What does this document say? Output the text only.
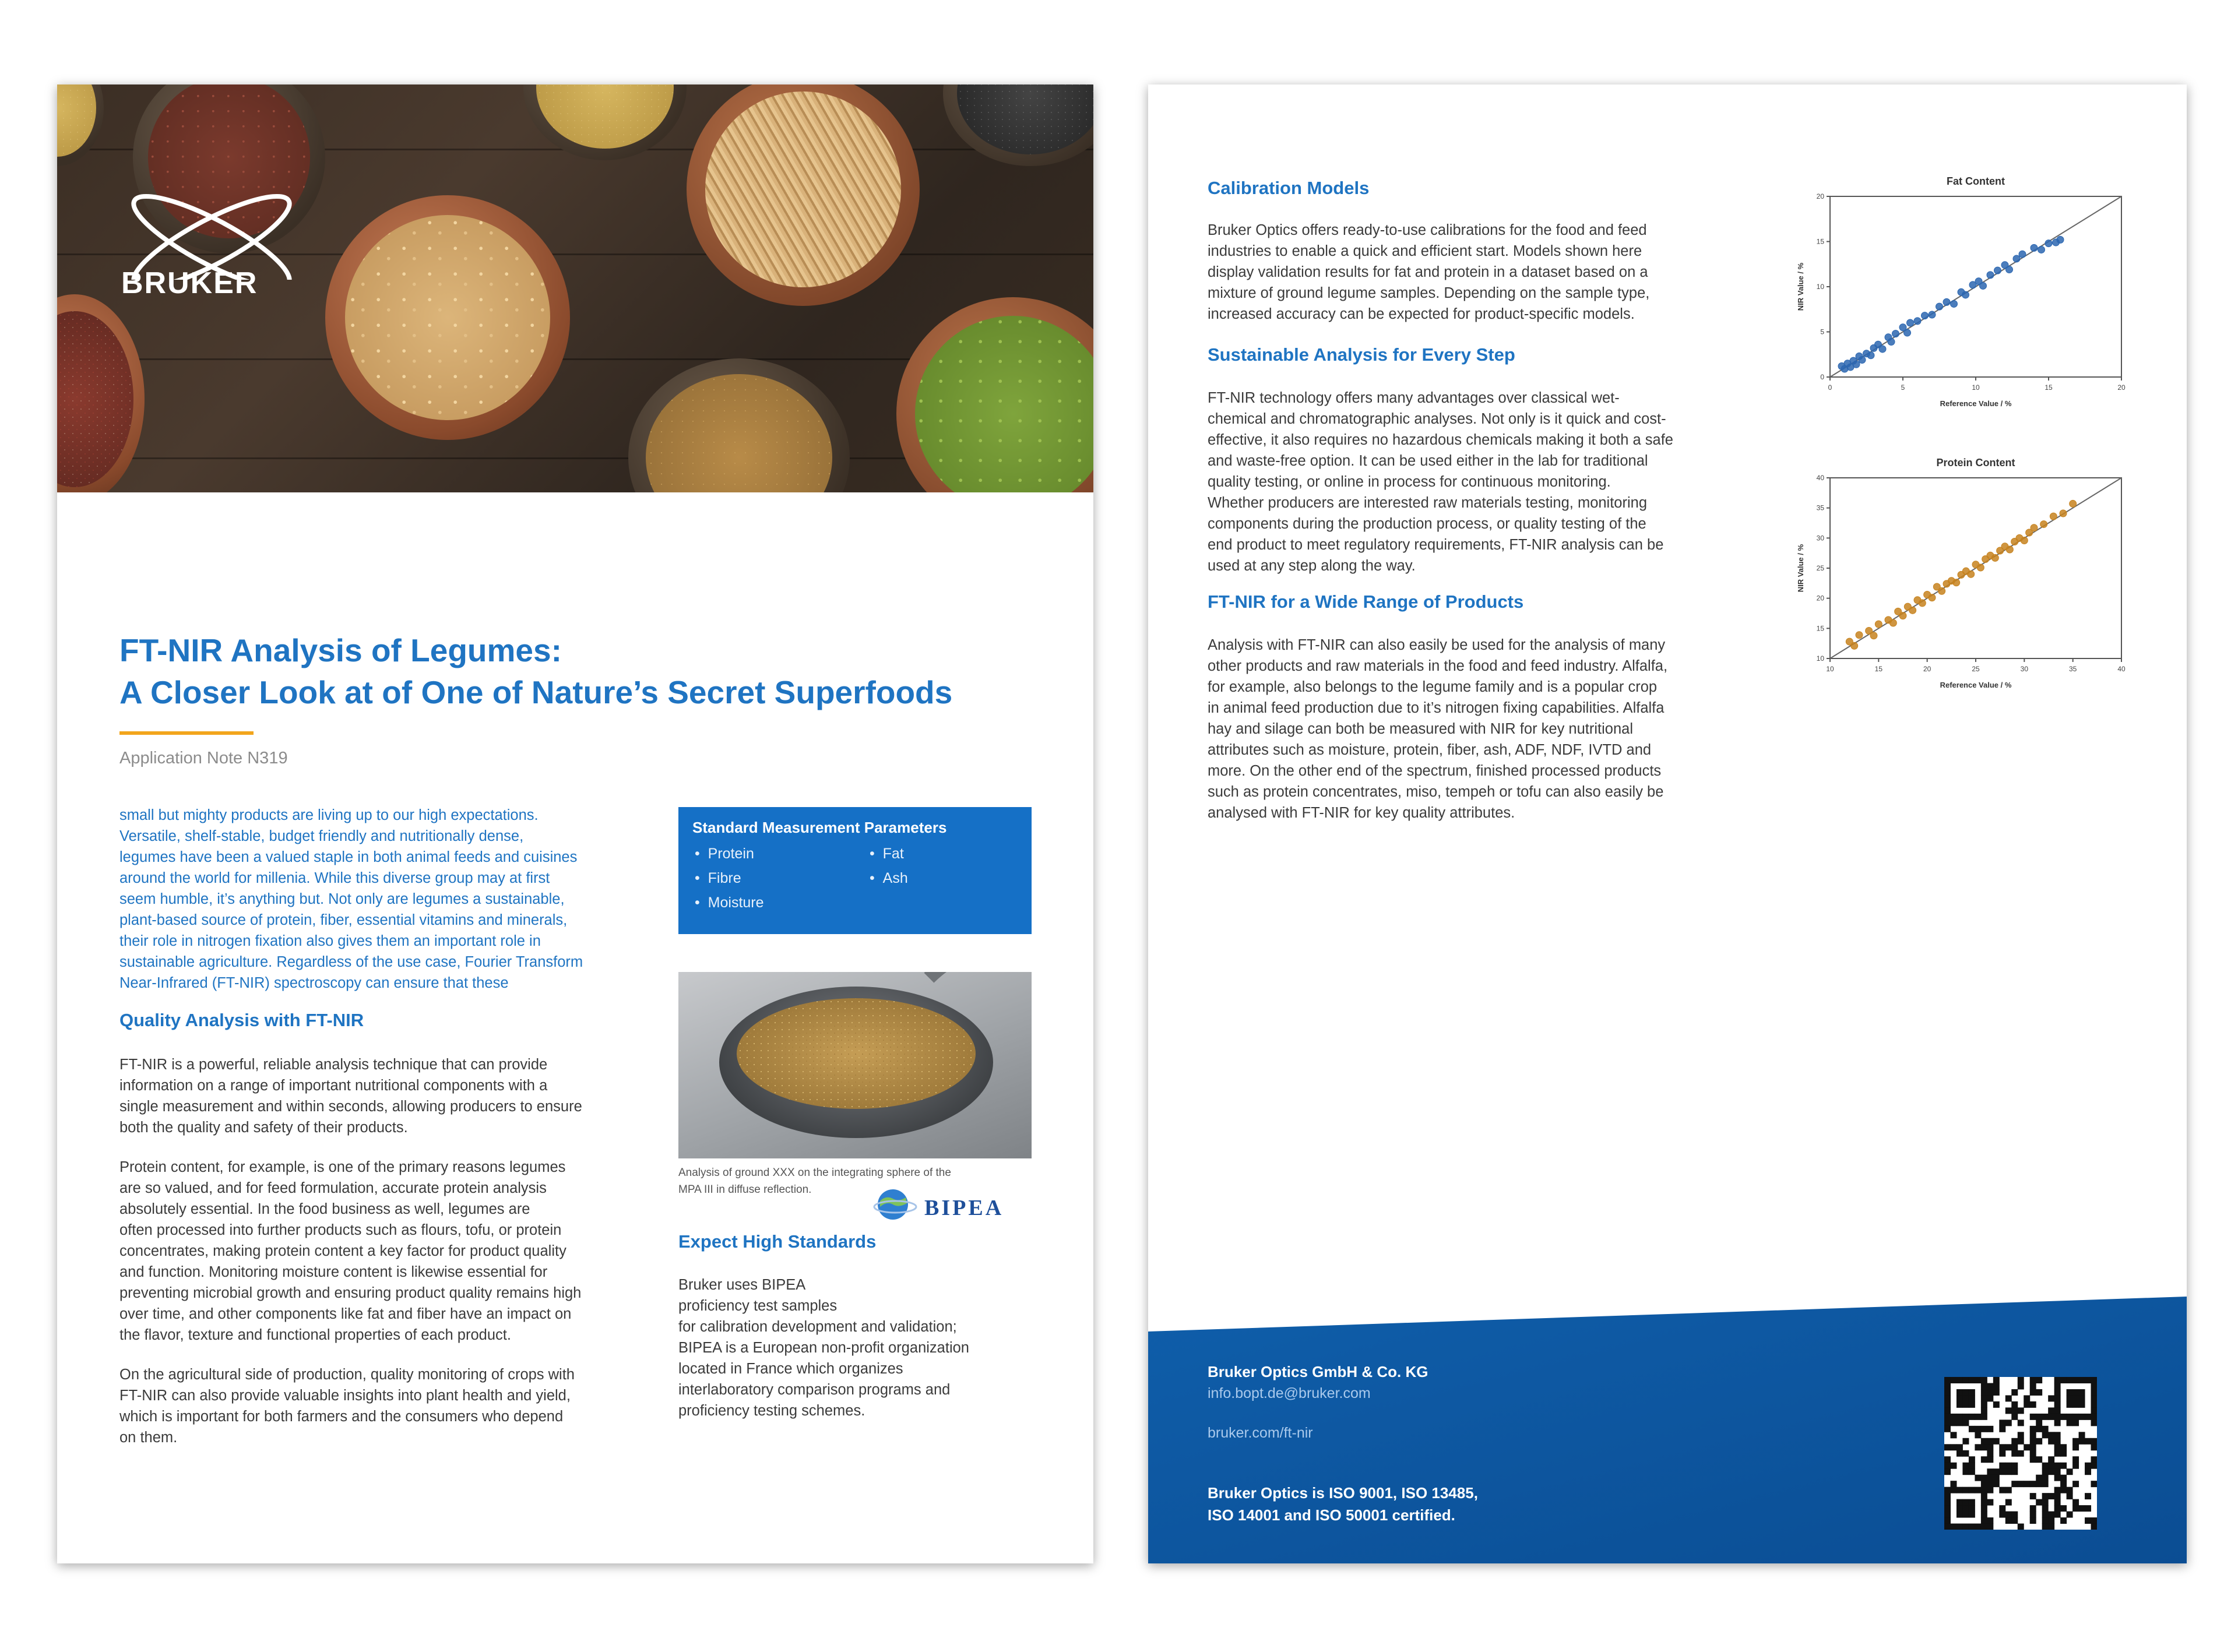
BRUKER
FT-NIR Analysis of Legumes:
A Closer Look at of One of Nature’s Secret Superfoods
Application Note N319
small but mighty products are living up to our high expectations.
Versatile, shelf-stable, budget friendly and nutritionally dense,
legumes have been a valued staple in both animal feeds and cuisines
around the world for millenia. While this diverse group may at first
seem humble, it’s anything but. Not only are legumes a sustainable,
plant-based source of protein, fiber, essential vitamins and minerals,
their role in nitrogen fixation also gives them an important role in
sustainable agriculture. Regardless of the use case, Fourier Transform
Near-Infrared (FT-NIR) spectroscopy can ensure that these
Quality Analysis with FT-NIR
FT-NIR is a powerful, reliable analysis technique that can provide
information on a range of important nutritional components with a
single measurement and within seconds, allowing producers to ensure
both the quality and safety of their products.
Protein content, for example, is one of the primary reasons legumes
are so valued, and for feed formulation, accurate protein analysis
absolutely essential. In the food business as well, legumes are
often processed into further products such as flours, tofu, or protein
concentrates, making protein content a key factor for product quality
and function. Monitoring moisture content is likewise essential for
preventing microbial growth and ensuring product quality remains high
over time, and other components like fat and fiber have an impact on
the flavor, texture and functional properties of each product.
On the agricultural side of production, quality monitoring of crops with
FT-NIR can also provide valuable insights into plant health and yield,
which is important for both farmers and the consumers who depend
on them.
Standard Measurement Parameters
•  Protein
•  Fibre
•  Moisture
•  Fat
•  Ash
Analysis of ground XXX on the integrating sphere of the
MPA III in diffuse reflection.
Expect High Standards
Bruker uses BIPEA
proficiency test samples
for calibration development and validation;
BIPEA is a European non-profit organization
located in France which organizes
interlaboratory comparison programs and
proficiency testing schemes.
BIPEA
Calibration Models
Bruker Optics offers ready-to-use calibrations for the food and feed
industries to enable a quick and efficient start. Models shown here
display validation results for fat and protein in a dataset based on a
mixture of ground legume samples. Depending on the sample type,
increased accuracy can be expected for product-specific models.
Sustainable Analysis for Every Step
FT-NIR technology offers many advantages over classical wet-
chemical and chromatographic analyses. Not only is it quick and cost-
effective, it also requires no hazardous chemicals making it both a safe
and waste-free option. It can be used either in the lab for traditional
quality testing, or online in process for continuous monitoring.
Whether producers are interested raw materials testing, monitoring
components during the production process, or quality testing of the
end product to meet regulatory requirements, FT-NIR analysis can be
used at any step along the way.
FT-NIR for a Wide Range of Products
Analysis with FT-NIR can also easily be used for the analysis of many
other products and raw materials in the food and feed industry. Alfalfa,
for example, also belongs to the legume family and is a popular crop
in animal feed production due to it’s nitrogen fixing capabilities. Alfalfa
hay and silage can both be measured with NIR for key nutritional
attributes such as moisture, protein, fiber, ash, ADF, NDF, IVTD and
more. On the other end of the spectrum, finished processed products
such as protein concentrates, miso, tempeh or tofu can also easily be
analysed with FT-NIR for key quality attributes.
Fat Content
0	5	10	15	20
0
5
10
15
20
Reference Value / %
NIR Value / %
Protein Content
10	15	20	25	30	35	40
10
15
20
25
30
35
40
Reference Value / %
NIR Value / %
Bruker Optics GmbH & Co. KG
info.bopt.de@bruker.com
bruker.com/ft-nir
Bruker Optics is ISO 9001, ISO 13485,
ISO 14001 and ISO 50001 certified.
